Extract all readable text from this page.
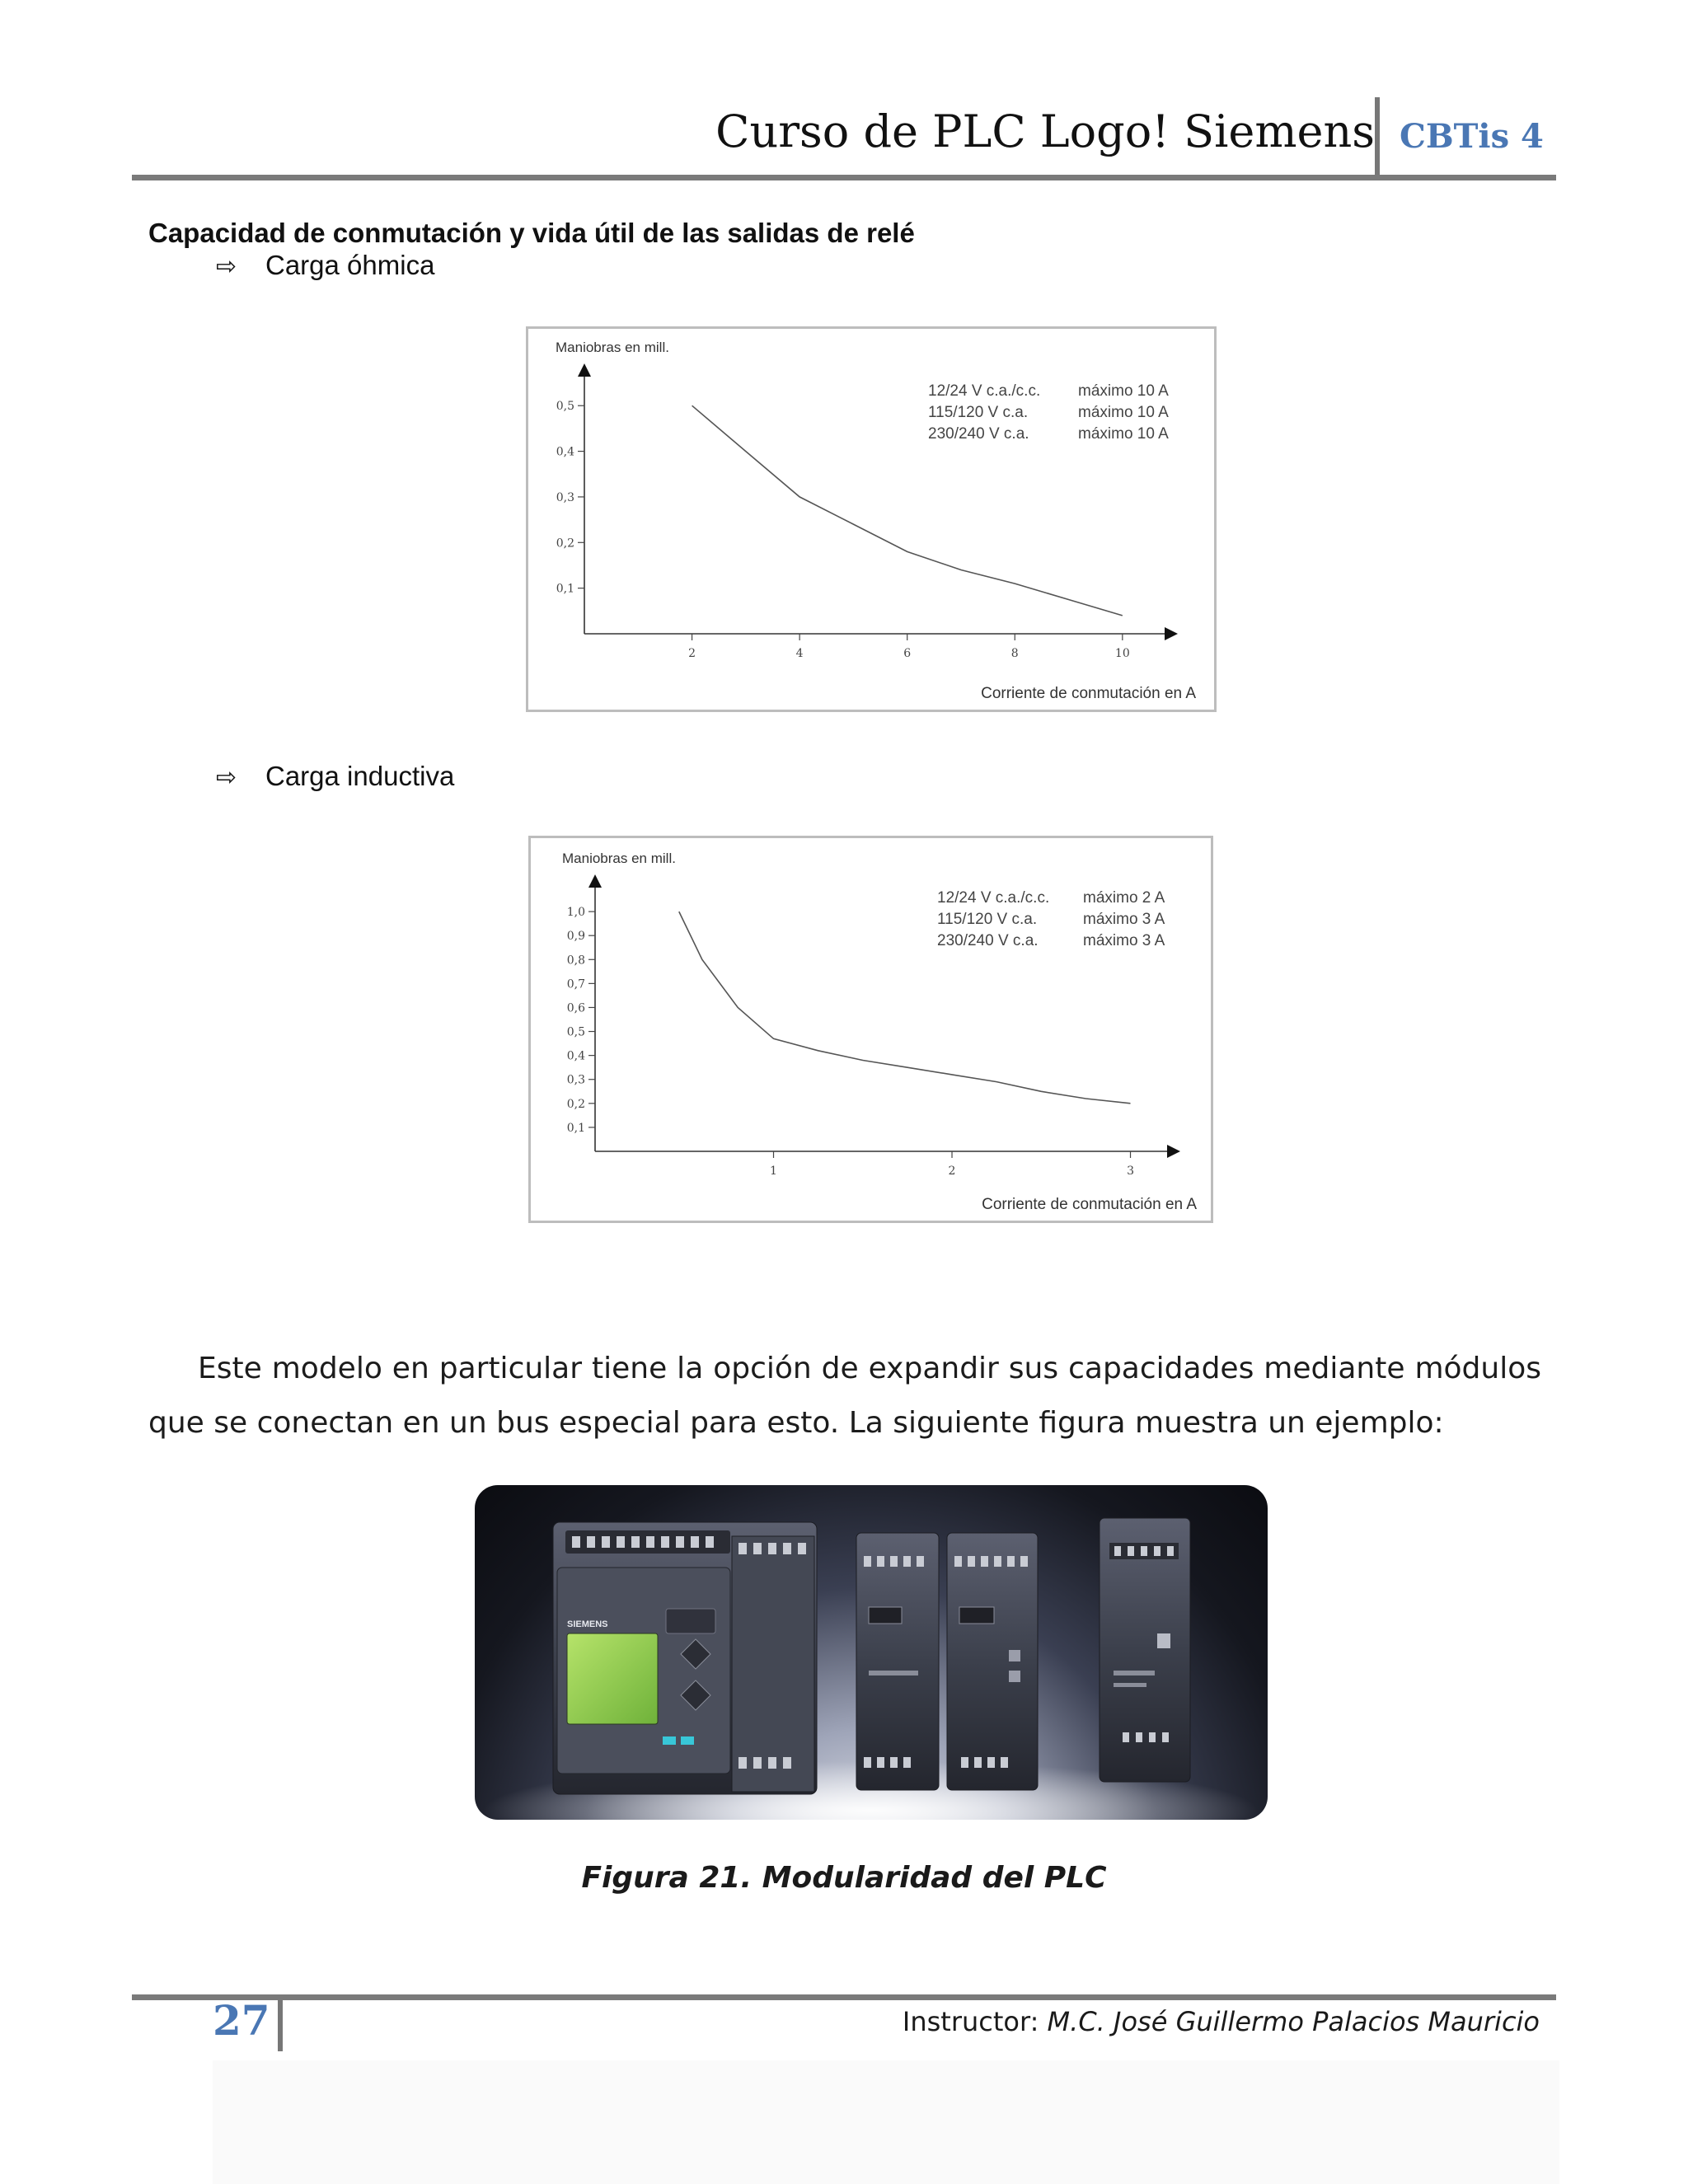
Curso de PLC Logo! Siemens CBTis 4
Capacidad de conmutación y vida útil de las salidas de relé
⇨ Carga óhmica
Maniobras en mill.
2	4	6	8	10
0,5
0,4
0,3
0,2
0,1
Corriente de conmutación en A
12/24 V c.a./c.c. máximo 10 A
115/120 V c.a.	máximo 10 A
230/240 V c.a.	máximo 10 A
⇨ Carga inductiva
Maniobras en mill.
1	2	3
1,0
0,9
0,8
0,7
0,6
0,5
0,4
0,3
0,2
0,1
Corriente de conmutación en A
12/24 V c.a./c.c. máximo 2 A
115/120 V c.a.	máximo 3 A
230/240 V c.a.	máximo 3 A
Este modelo en particular tiene la opción de expandir sus capacidades mediante módulos que se conectan en un bus especial para esto. La siguiente figura muestra un ejemplo:
SIEMENS
Figura 21. Modularidad del PLC
27	Instructor: M.C. José Guillermo Palacios Mauricio
